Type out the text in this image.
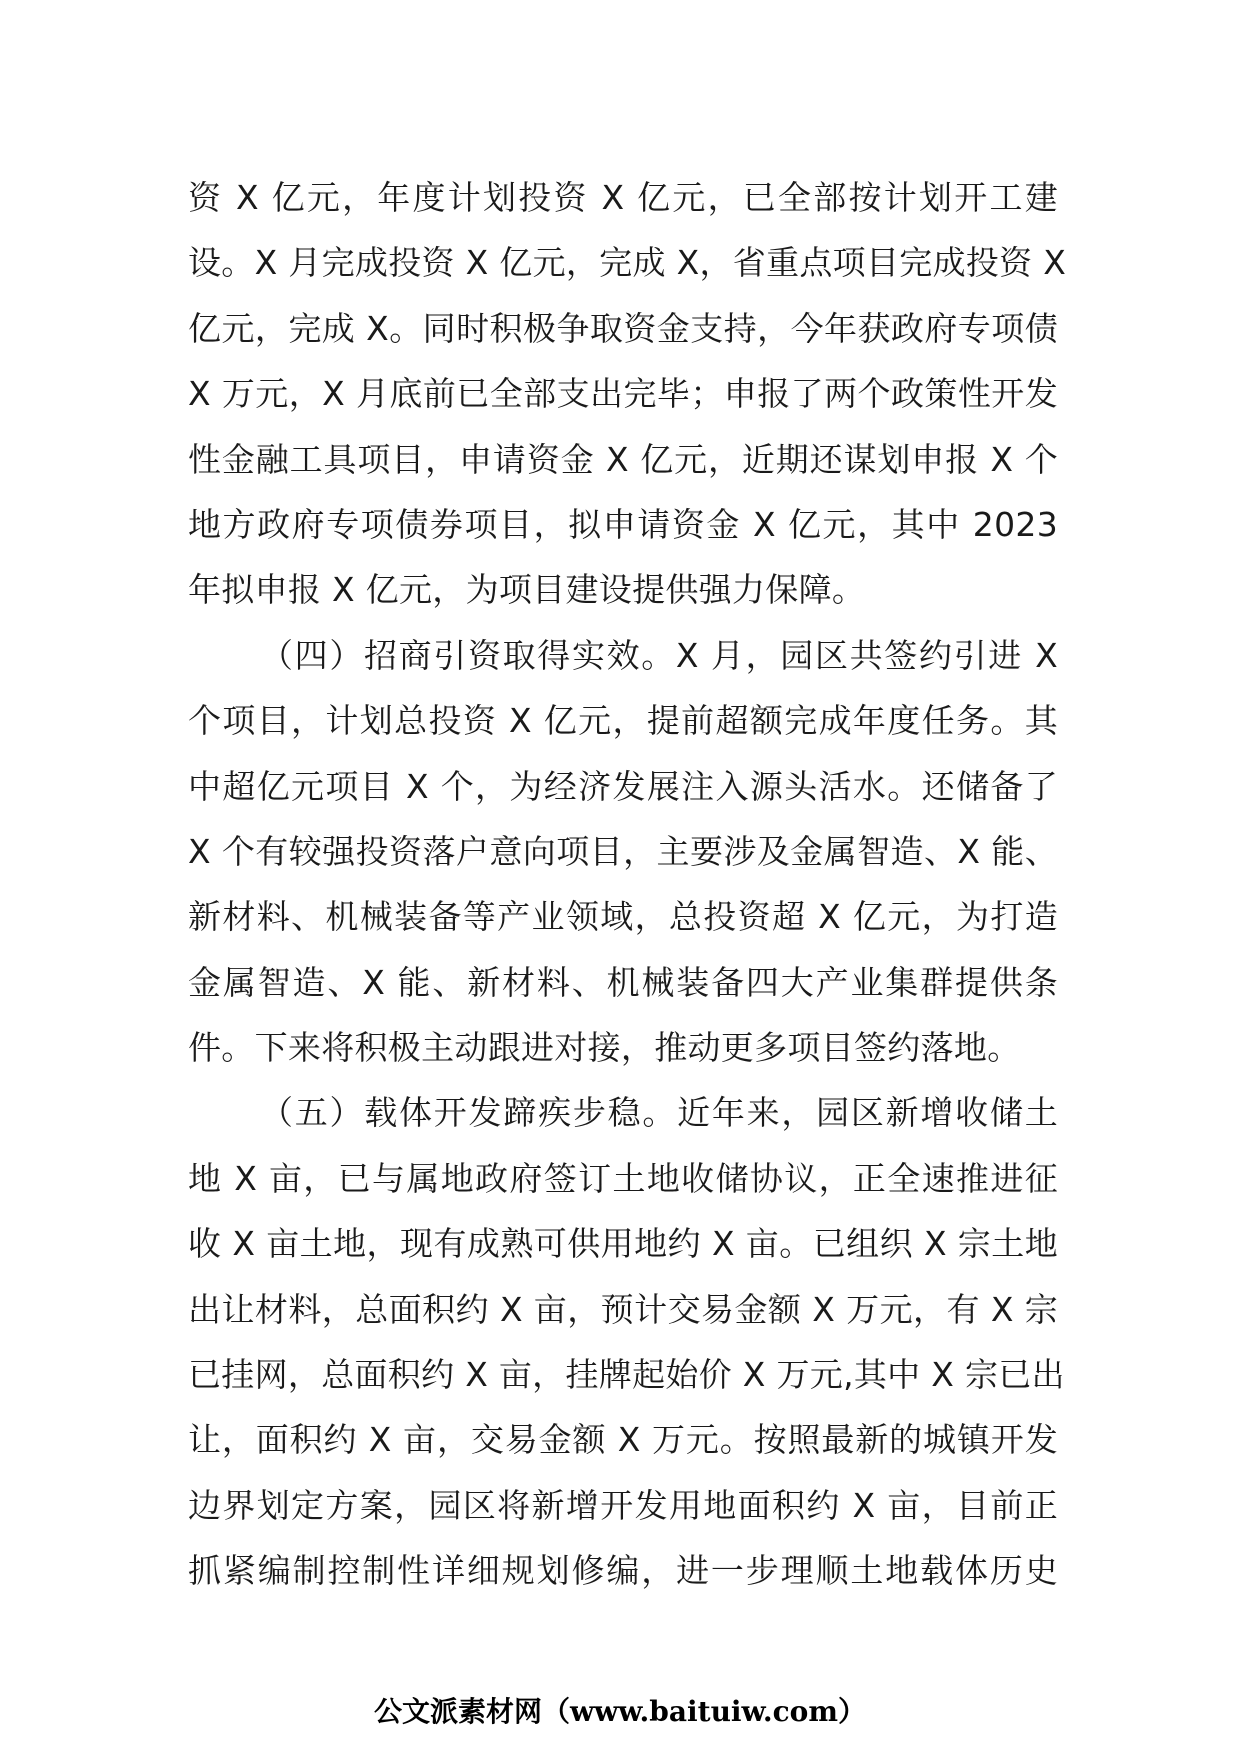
资 X 亿元，年度计划投资 X 亿元，已全部按计划开工建
设。X 月完成投资 X 亿元，完成 X，省重点项目完成投资 X
亿元，完成 X。同时积极争取资金支持，今年获政府专项债
X 万元，X 月底前已全部支出完毕；申报了两个政策性开发
性金融工具项目，申请资金 X 亿元，近期还谋划申报 X 个
地方政府专项债券项目，拟申请资金 X 亿元，其中 2023
年拟申报 X 亿元，为项目建设提供强力保障。
（四）招商引资取得实效。X 月，园区共签约引进 X
个项目，计划总投资 X 亿元，提前超额完成年度任务。其
中超亿元项目 X 个，为经济发展注入源头活水。还储备了
X 个有较强投资落户意向项目，主要涉及金属智造、X 能、
新材料、机械装备等产业领域，总投资超 X 亿元，为打造
金属智造、X 能、新材料、机械装备四大产业集群提供条
件。下来将积极主动跟进对接，推动更多项目签约落地。
（五）载体开发蹄疾步稳。近年来，园区新增收储土
地 X 亩，已与属地政府签订土地收储协议，正全速推进征
收 X 亩土地，现有成熟可供用地约 X 亩。已组织 X 宗土地
出让材料，总面积约 X 亩，预计交易金额 X 万元，有 X 宗
已挂网，总面积约 X 亩，挂牌起始价 X 万元,其中 X 宗已出
让，面积约 X 亩，交易金额 X 万元。按照最新的城镇开发
边界划定方案，园区将新增开发用地面积约 X 亩，目前正
抓紧编制控制性详细规划修编，进一步理顺土地载体历史
公文派素材网（www.baituiw.com）
